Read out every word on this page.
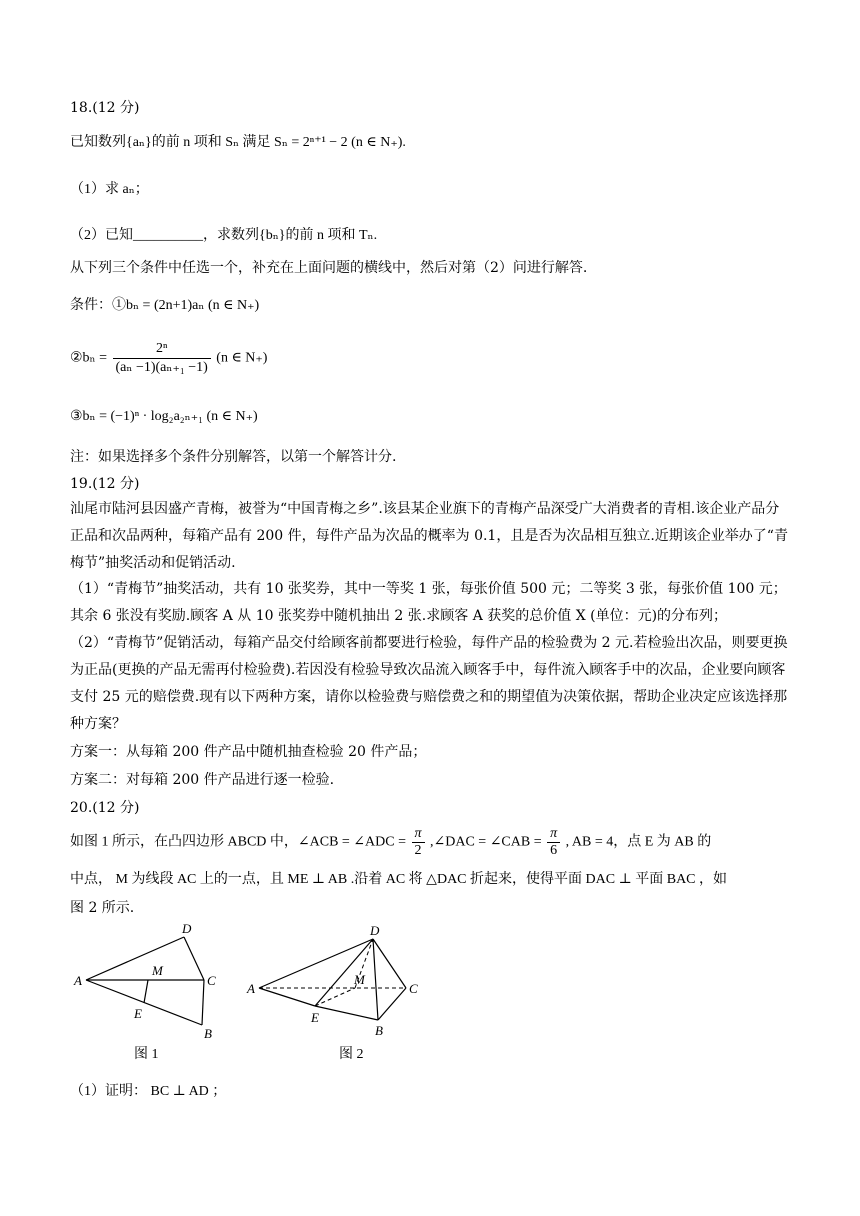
18.(12 分)
已知数列{aₙ}的前 n 项和 Sₙ 满足 Sₙ = 2ⁿ⁺¹ − 2 (n ∈ N₊).
（1）求 aₙ；
（2）已知__________，求数列{bₙ}的前 n 项和 Tₙ.
从下列三个条件中任选一个，补充在上面问题的横线中，然后对第（2）问进行解答.
条件：①bₙ = (2n+1)aₙ (n ∈ N₊)
②bₙ = $\frac{\text{2ⁿ}}{\text{(aₙ −1)(aₙ₊₁ −1)}} (n$ ∈ N₊)
③bₙ = (−1)ⁿ · log₂a₂ₙ₊₁ (n ∈ N₊)
注：如果选择多个条件分别解答，以第一个解答计分.
19.(12 分)
汕尾市陆河县因盛产青梅，被誉为“中国青梅之乡”.该县某企业旗下的青梅产品深受广大消费者的青相.该企业产品分正品和次品两种，每箱产品有 200 件，每件产品为次品的概率为 0.1，且是否为次品相互独立.近期该企业举办了“青梅节”抽奖活动和促销活动.
（1）“青梅节”抽奖活动，共有 10 张奖券，其中一等奖 1 张，每张价值 500 元；二等奖 3 张，每张价值 100 元；其余 6 张没有奖励.顾客 A 从 10 张奖券中随机抽出 2 张.求顾客 A 获奖的总价值 X (单位：元)的分布列；
（2）“青梅节”促销活动，每箱产品交付给顾客前都要进行检验，每件产品的检验费为 2 元.若检验出次品，则要更换为正品(更换的产品无需再付检验费).若因没有检验导致次品流入顾客手中，每件流入顾客手中的次品，企业要向顾客支付 25 元的赔偿费.现有以下两种方案，请你以检验费与赔偿费之和的期望值为决策依据，帮助企业决定应该选择那种方案？
方案一：从每箱 200 件产品中随机抽查检验 20 件产品；
方案二：对每箱 200 件产品进行逐一检验.
20.(12 分)
如图 1 所示，在凸四边形 ABCD 中，∠ACB = ∠ADC = $\frac{\pi}{2}$ ,∠DAC = ∠CAB = $\frac{\pi}{6}$ , AB = 4，点 E 为 AB 的
中点， M 为线段 AC 上的一点，且 ME ⊥ AB .沿着 AC 将 △DAC 折起来，使得平面 DAC ⊥ 平面 BAC ，如
图 2 所示.
D
A
M
C
E
B
图 1
D
A
M
C
E
B
图 2
（1）证明： BC ⊥ AD ；
